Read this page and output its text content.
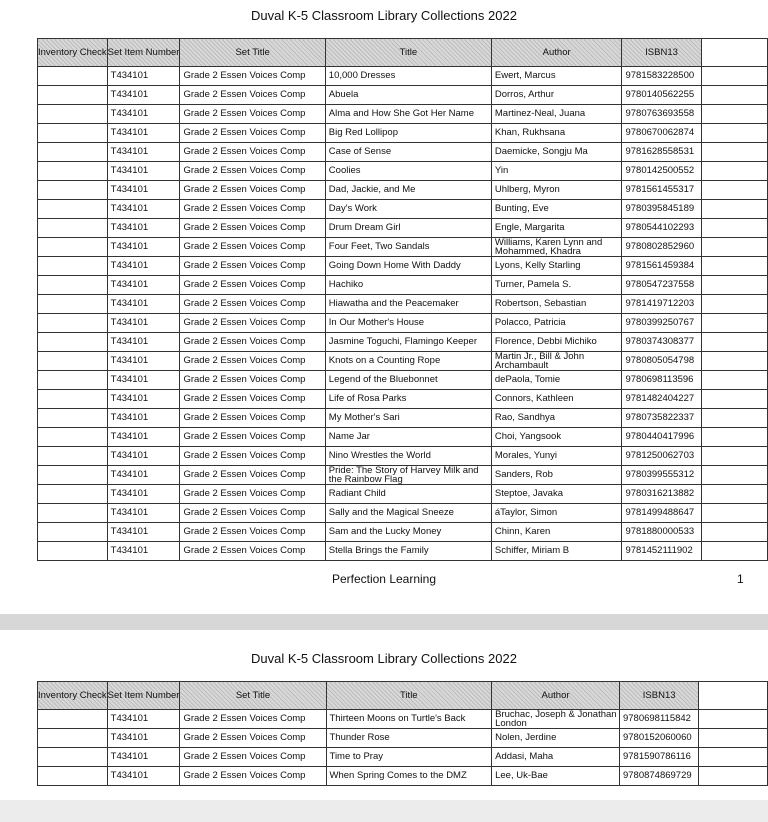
Duval K-5 Classroom Library Collections 2022
Inventory Check	Set Item Number	Set Title	Title	Author	ISBN13	
	T434101	Grade 2 Essen Voices Comp	10,000 Dresses	Ewert, Marcus	9781583228500	
	T434101	Grade 2 Essen Voices Comp	Abuela	Dorros, Arthur	9780140562255	
	T434101	Grade 2 Essen Voices Comp	Alma and How She Got Her Name	Martinez-Neal, Juana	9780763693558	
	T434101	Grade 2 Essen Voices Comp	Big Red Lollipop	Khan, Rukhsana	9780670062874	
	T434101	Grade 2 Essen Voices Comp	Case of Sense	Daemicke, Songju Ma	9781628558531	
	T434101	Grade 2 Essen Voices Comp	Coolies	Yin	9780142500552	
	T434101	Grade 2 Essen Voices Comp	Dad, Jackie, and Me	Uhlberg, Myron	9781561455317	
	T434101	Grade 2 Essen Voices Comp	Day's Work	Bunting, Eve	9780395845189	
	T434101	Grade 2 Essen Voices Comp	Drum Dream Girl	Engle, Margarita	9780544102293	
	T434101	Grade 2 Essen Voices Comp	Four Feet, Two Sandals	Williams, Karen Lynn and Mohammed, Khadra	9780802852960	
	T434101	Grade 2 Essen Voices Comp	Going Down Home With Daddy	Lyons, Kelly Starling	9781561459384	
	T434101	Grade 2 Essen Voices Comp	Hachiko	Turner, Pamela S.	9780547237558	
	T434101	Grade 2 Essen Voices Comp	Hiawatha and the Peacemaker	Robertson, Sebastian	9781419712203	
	T434101	Grade 2 Essen Voices Comp	In Our Mother's House	Polacco, Patricia	9780399250767	
	T434101	Grade 2 Essen Voices Comp	Jasmine Toguchi, Flamingo Keeper	Florence, Debbi Michiko	9780374308377	
	T434101	Grade 2 Essen Voices Comp	Knots on a Counting Rope	Martin Jr., Bill & John Archambault	9780805054798	
	T434101	Grade 2 Essen Voices Comp	Legend of the Bluebonnet	dePaola, Tomie	9780698113596	
	T434101	Grade 2 Essen Voices Comp	Life of Rosa Parks	Connors, Kathleen	9781482404227	
	T434101	Grade 2 Essen Voices Comp	My Mother's Sari	Rao, Sandhya	9780735822337	
	T434101	Grade 2 Essen Voices Comp	Name Jar	Choi, Yangsook	9780440417996	
	T434101	Grade 2 Essen Voices Comp	Nino Wrestles the World	Morales, Yunyi	9781250062703	
	T434101	Grade 2 Essen Voices Comp	Pride: The Story of Harvey Milk and the Rainbow Flag	Sanders, Rob	9780399555312	
	T434101	Grade 2 Essen Voices Comp	Radiant Child	Steptoe, Javaka	9780316213882	
	T434101	Grade 2 Essen Voices Comp	Sally and the Magical Sneeze	áTaylor, Simon	9781499488647	
	T434101	Grade 2 Essen Voices Comp	Sam and the Lucky Money	Chinn, Karen	9781880000533	
	T434101	Grade 2 Essen Voices Comp	Stella Brings the Family	Schiffer, Miriam B	9781452111902	
Perfection Learning	1
Duval K-5 Classroom Library Collections 2022
Inventory Check	Set Item Number	Set Title	Title	Author	ISBN13	
	T434101	Grade 2 Essen Voices Comp	Thirteen Moons on Turtle's Back	Bruchac, Joseph & Jonathan London	9780698115842	
	T434101	Grade 2 Essen Voices Comp	Thunder Rose	Nolen, Jerdine	9780152060060	
	T434101	Grade 2 Essen Voices Comp	Time to Pray	Addasi, Maha	9781590786116	
	T434101	Grade 2 Essen Voices Comp	When Spring Comes to the DMZ	Lee, Uk-Bae	9780874869729	
